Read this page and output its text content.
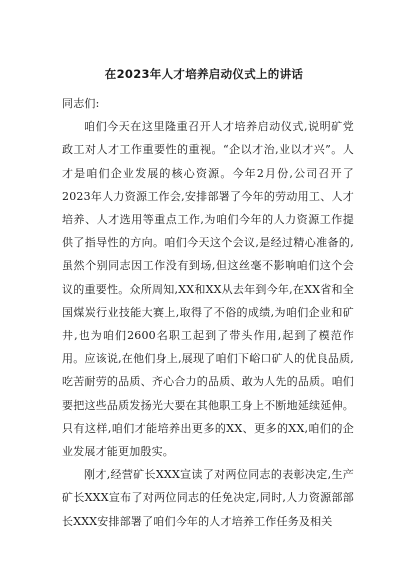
在2023年人才培养启动仪式上的讲话

同志们:

咱们今天在这里隆重召开人才培养启动仪式,说明矿党政工对人才工作重要性的重视。“企以才治,业以才兴”。人才是咱们企业发展的核心资源。今年2月份,公司召开了2023年人力资源工作会,安排部署了今年的劳动用工、人才培养、人才选用等重点工作,为咱们今年的人力资源工作提供了指导性的方向。咱们今天这个会议,是经过精心准备的,虽然个别同志因工作没有到场,但这丝毫不影响咱们这个会议的重要性。众所周知,XX和XX从去年到今年,在XX省和全国煤炭行业技能大赛上,取得了不俗的成绩,为咱们企业和矿井,也为咱们2600名职工起到了带头作用,起到了模范作用。应该说,在他们身上,展现了咱们下峪口矿人的优良品质,吃苦耐劳的品质、齐心合力的品质、敢为人先的品质。咱们要把这些品质发扬光大要在其他职工身上不断地延续延伸。只有这样,咱们才能培养出更多的XX、更多的XX,咱们的企业发展才能更加殷实。

刚才,经营矿长XXX宣读了对两位同志的表彰决定,生产矿长XXX宣布了对两位同志的任免决定,同时,人力资源部部长XXX安排部署了咱们今年的人才培养工作任务及相关
